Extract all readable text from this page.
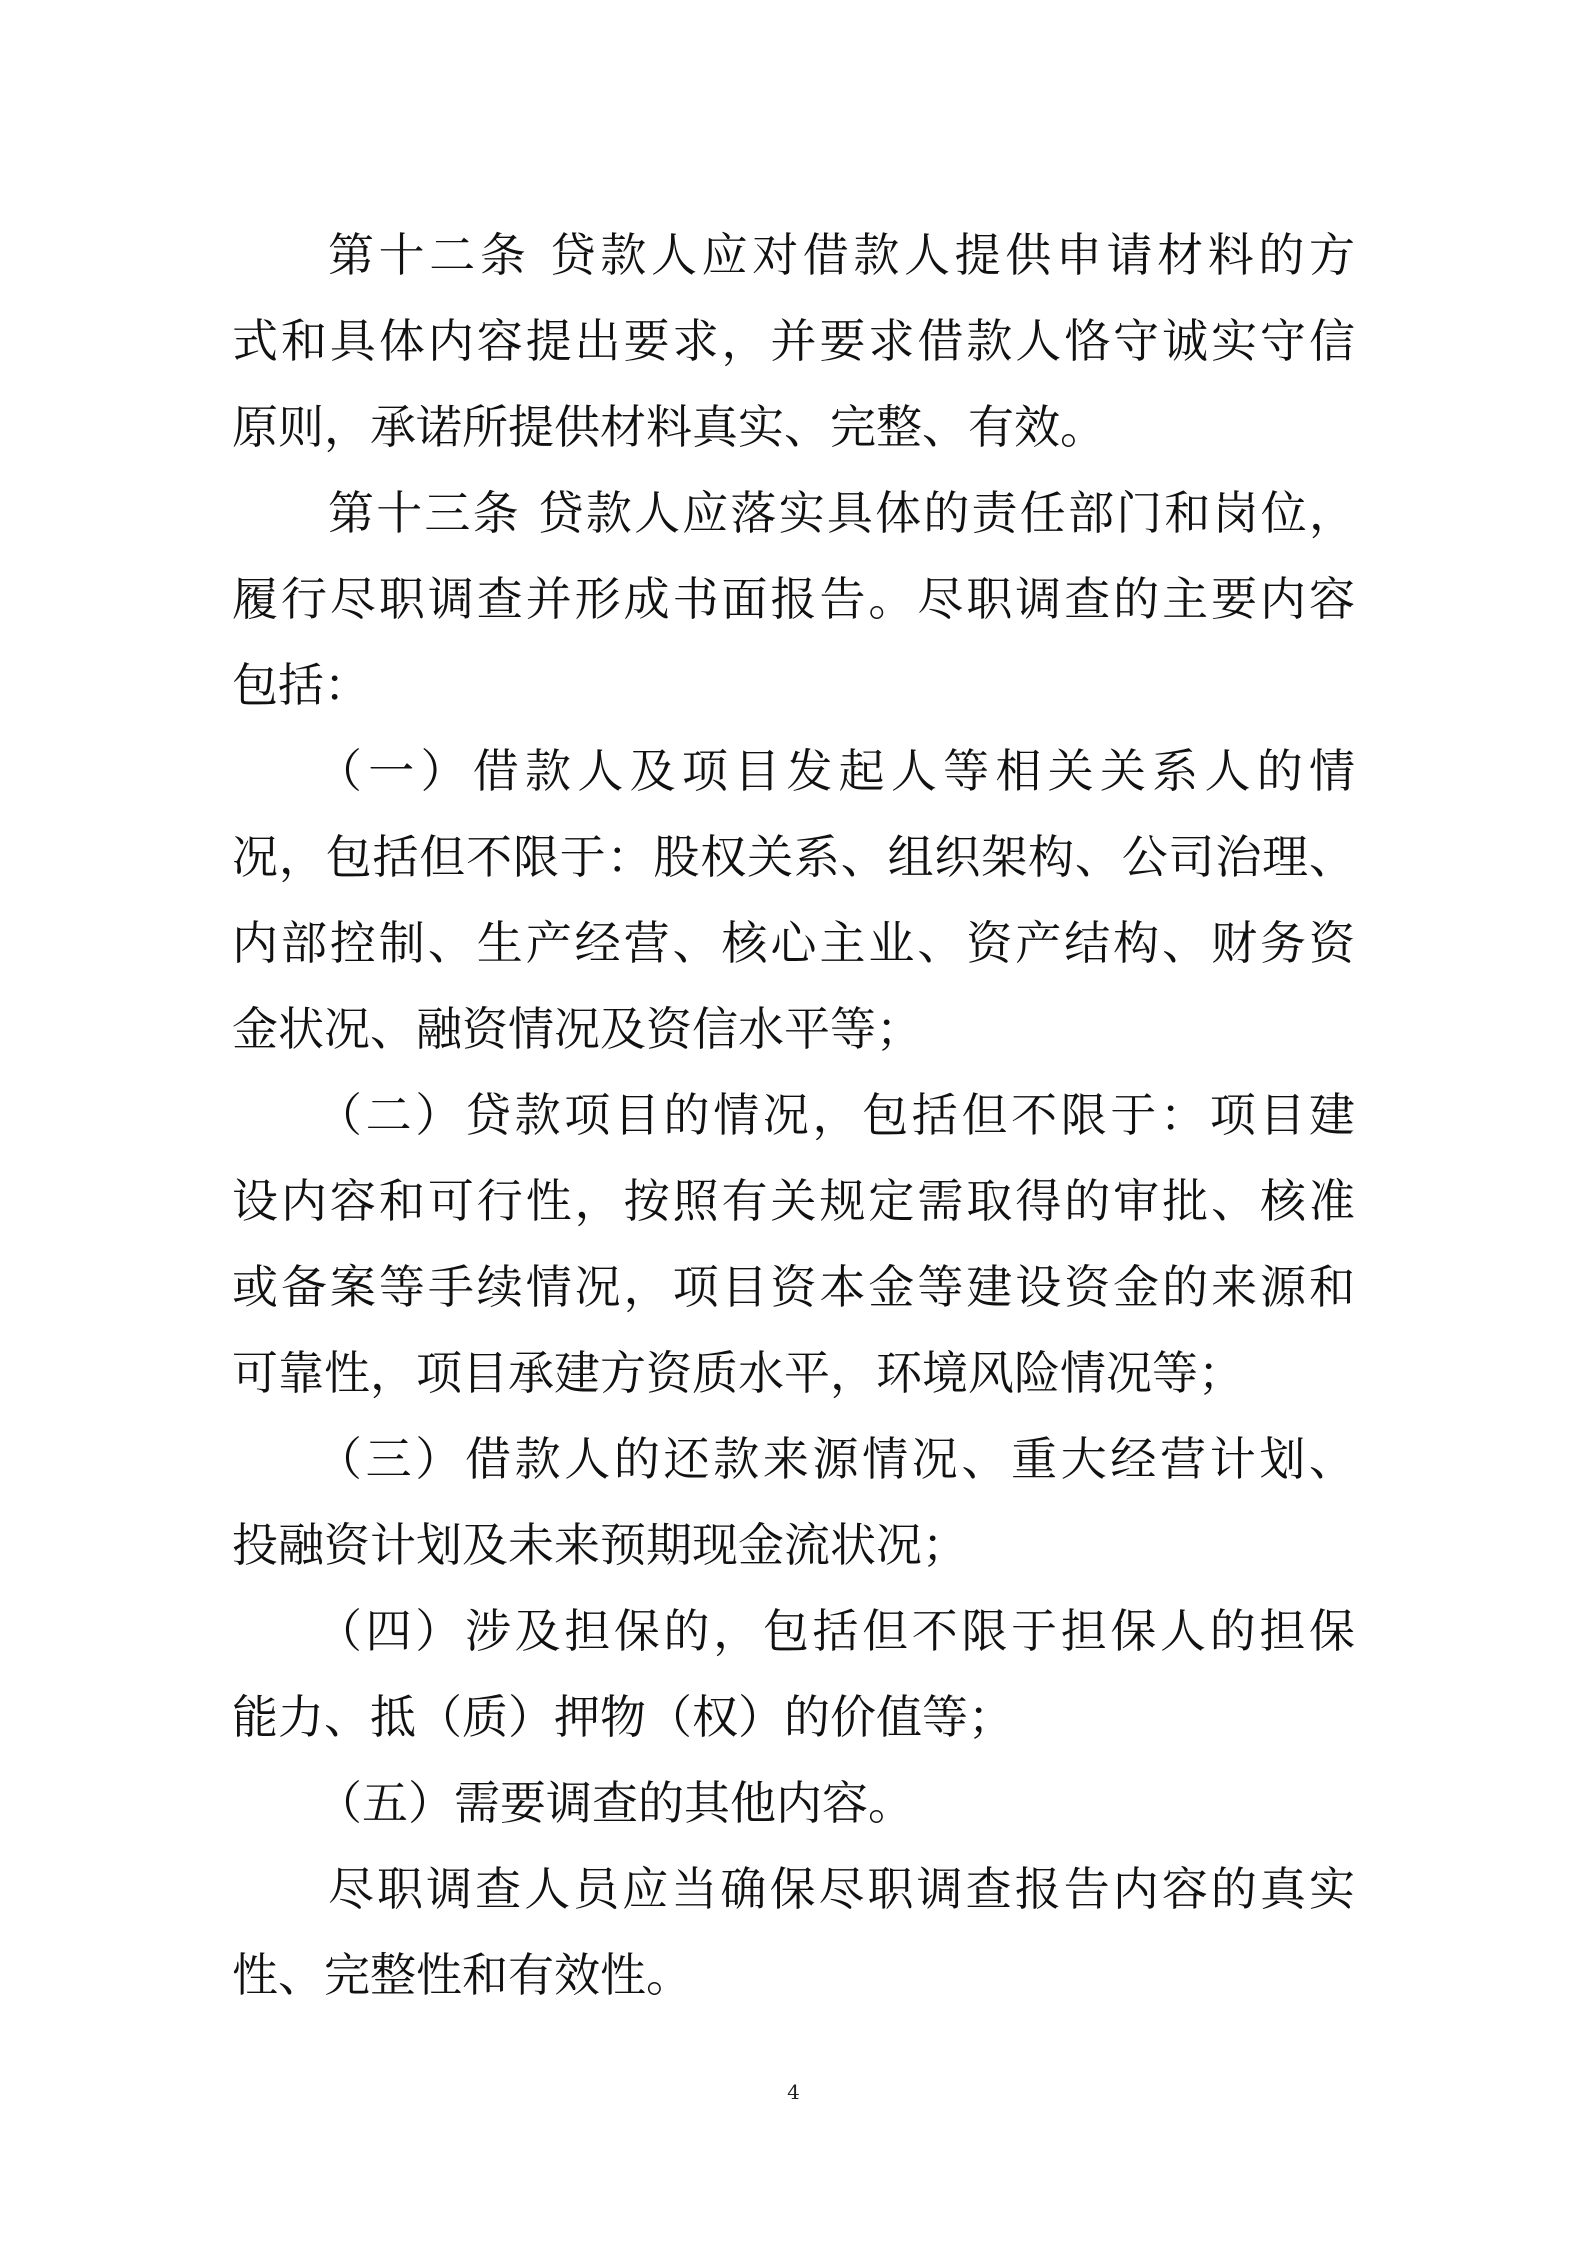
第十二条 贷款人应对借款人提供申请材料的方
式和具体内容提出要求，并要求借款人恪守诚实守信
原则，承诺所提供材料真实、完整、有效。
第十三条 贷款人应落实具体的责任部门和岗位，
履行尽职调查并形成书面报告。尽职调查的主要内容
包括：
（一）借款人及项目发起人等相关关系人的情
况，包括但不限于：股权关系、组织架构、公司治理、
内部控制、生产经营、核心主业、资产结构、财务资
金状况、融资情况及资信水平等；
（二）贷款项目的情况，包括但不限于：项目建
设内容和可行性，按照有关规定需取得的审批、核准
或备案等手续情况，项目资本金等建设资金的来源和
可靠性，项目承建方资质水平，环境风险情况等；
（三）借款人的还款来源情况、重大经营计划、
投融资计划及未来预期现金流状况；
（四）涉及担保的，包括但不限于担保人的担保
能力、抵（质）押物（权）的价值等；
（五）需要调查的其他内容。
尽职调查人员应当确保尽职调查报告内容的真实
性、完整性和有效性。
4
